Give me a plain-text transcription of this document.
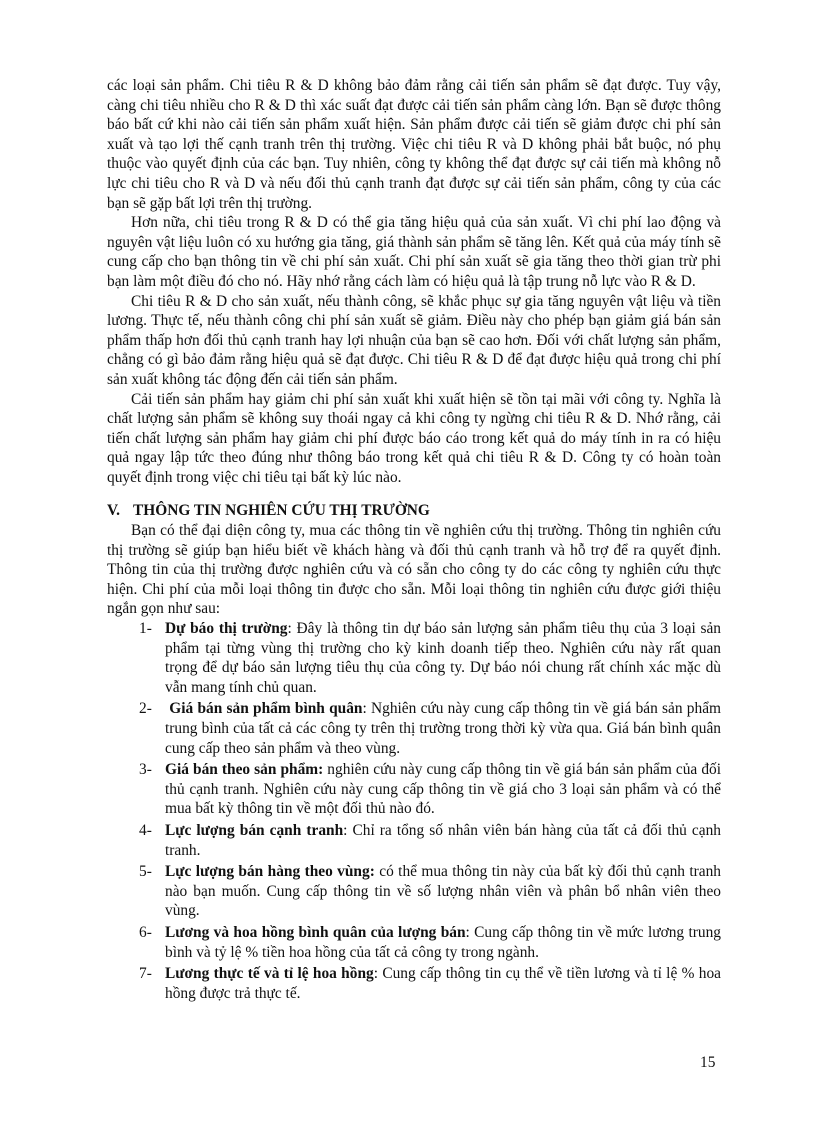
các loại sản phẩm. Chi tiêu R & D không bảo đảm rằng cải tiến sản phẩm sẽ đạt được. Tuy vậy, càng chi tiêu nhiều cho R & D thì xác suất đạt được cải tiến sản phẩm càng lớn. Bạn sẽ được thông báo bất cứ khi nào cải tiến sản phẩm xuất hiện. Sản phẩm được cải tiến sẽ giảm được chi phí sản xuất và tạo lợi thế cạnh tranh trên thị trường. Việc chi tiêu R và D không phải bắt buộc, nó phụ thuộc vào quyết định của các bạn. Tuy nhiên, công ty không thể đạt được sự cải tiến mà không nỗ lực chi tiêu cho R và D và nếu đối thủ cạnh tranh đạt được sự cải tiến sản phẩm, công ty của các bạn sẽ gặp bất lợi trên thị trường.

Hơn nữa, chi tiêu trong R & D có thể gia tăng hiệu quả của sản xuất. Vì chi phí lao động và nguyên vật liệu luôn có xu hướng gia tăng, giá thành sản phẩm sẽ tăng lên. Kết quả của máy tính sẽ cung cấp cho bạn thông tin về chi phí sản xuất. Chi phí sản xuất sẽ gia tăng theo thời gian trừ phi bạn làm một điều đó cho nó. Hãy nhớ rằng cách làm có hiệu quả là tập trung nỗ lực vào R & D.

Chi tiêu R & D cho sản xuất, nếu thành công, sẽ khắc phục sự gia tăng nguyên vật liệu và tiền lương. Thực tế, nếu thành công chi phí sản xuất sẽ giảm. Điều này cho phép bạn giảm giá bán sản phẩm thấp hơn đối thủ cạnh tranh hay lợi nhuận của bạn sẽ cao hơn. Đối với chất lượng sản phẩm, chẳng có gì bảo đảm rằng hiệu quả sẽ đạt được. Chi tiêu R & D để đạt được hiệu quả trong chi phí sản xuất không tác động đến cải tiến sản phẩm.

Cải tiến sản phẩm hay giảm chi phí sản xuất khi xuất hiện sẽ tồn tại mãi với công ty. Nghĩa là chất lượng sản phẩm sẽ không suy thoái ngay cả khi công ty ngừng chi tiêu R & D. Nhớ rằng, cải tiến chất lượng sản phẩm hay giảm chi phí được báo cáo trong kết quả do máy tính in ra có hiệu quả ngay lập tức theo đúng như thông báo trong kết quả chi tiêu R & D. Công ty có hoàn toàn quyết định trong việc chi tiêu tại bất kỳ lúc nào.

V. THÔNG TIN NGHIÊN CỨU THỊ TRƯỜNG

Bạn có thể đại diện công ty, mua các thông tin về nghiên cứu thị trường. Thông tin nghiên cứu thị trường sẽ giúp bạn hiểu biết về khách hàng và đối thủ cạnh tranh và hỗ trợ để ra quyết định. Thông tin của thị trường được nghiên cứu và có sẵn cho công ty do các công ty nghiên cứu thực hiện. Chi phí của mỗi loại thông tin được cho sẵn. Mỗi loại thông tin nghiên cứu được giới thiệu ngắn gọn như sau:

1- Dự báo thị trường: Đây là thông tin dự báo sản lượng sản phẩm tiêu thụ của 3 loại sản phẩm tại từng vùng thị trường cho kỳ kinh doanh tiếp theo. Nghiên cứu này rất quan trọng để dự báo sản lượng tiêu thụ của công ty. Dự báo nói chung rất chính xác mặc dù vẫn mang tính chủ quan.
2- Giá bán sản phẩm bình quân: Nghiên cứu này cung cấp thông tin về giá bán sản phẩm trung bình của tất cả các công ty trên thị trường trong thời kỳ vừa qua. Giá bán bình quân cung cấp theo sản phẩm và theo vùng.
3- Giá bán theo sản phẩm: nghiên cứu này cung cấp thông tin về giá bán sản phẩm của đối thủ cạnh tranh. Nghiên cứu này cung cấp thông tin về giá cho 3 loại sản phẩm và có thể mua bất kỳ thông tin về một đối thủ nào đó.
4- Lực lượng bán cạnh tranh: Chỉ ra tổng số nhân viên bán hàng của tất cả đối thủ cạnh tranh.
5- Lực lượng bán hàng theo vùng: có thể mua thông tin này của bất kỳ đối thủ cạnh tranh nào bạn muốn. Cung cấp thông tin về số lượng nhân viên và phân bổ nhân viên theo vùng.
6- Lương và hoa hồng bình quân của lượng bán: Cung cấp thông tin về mức lương trung bình và tỷ lệ % tiền hoa hồng của tất cả công ty trong ngành.
7- Lương thực tế và tỉ lệ hoa hồng: Cung cấp thông tin cụ thể về tiền lương và tỉ lệ % hoa hồng được trả thực tế.
15
